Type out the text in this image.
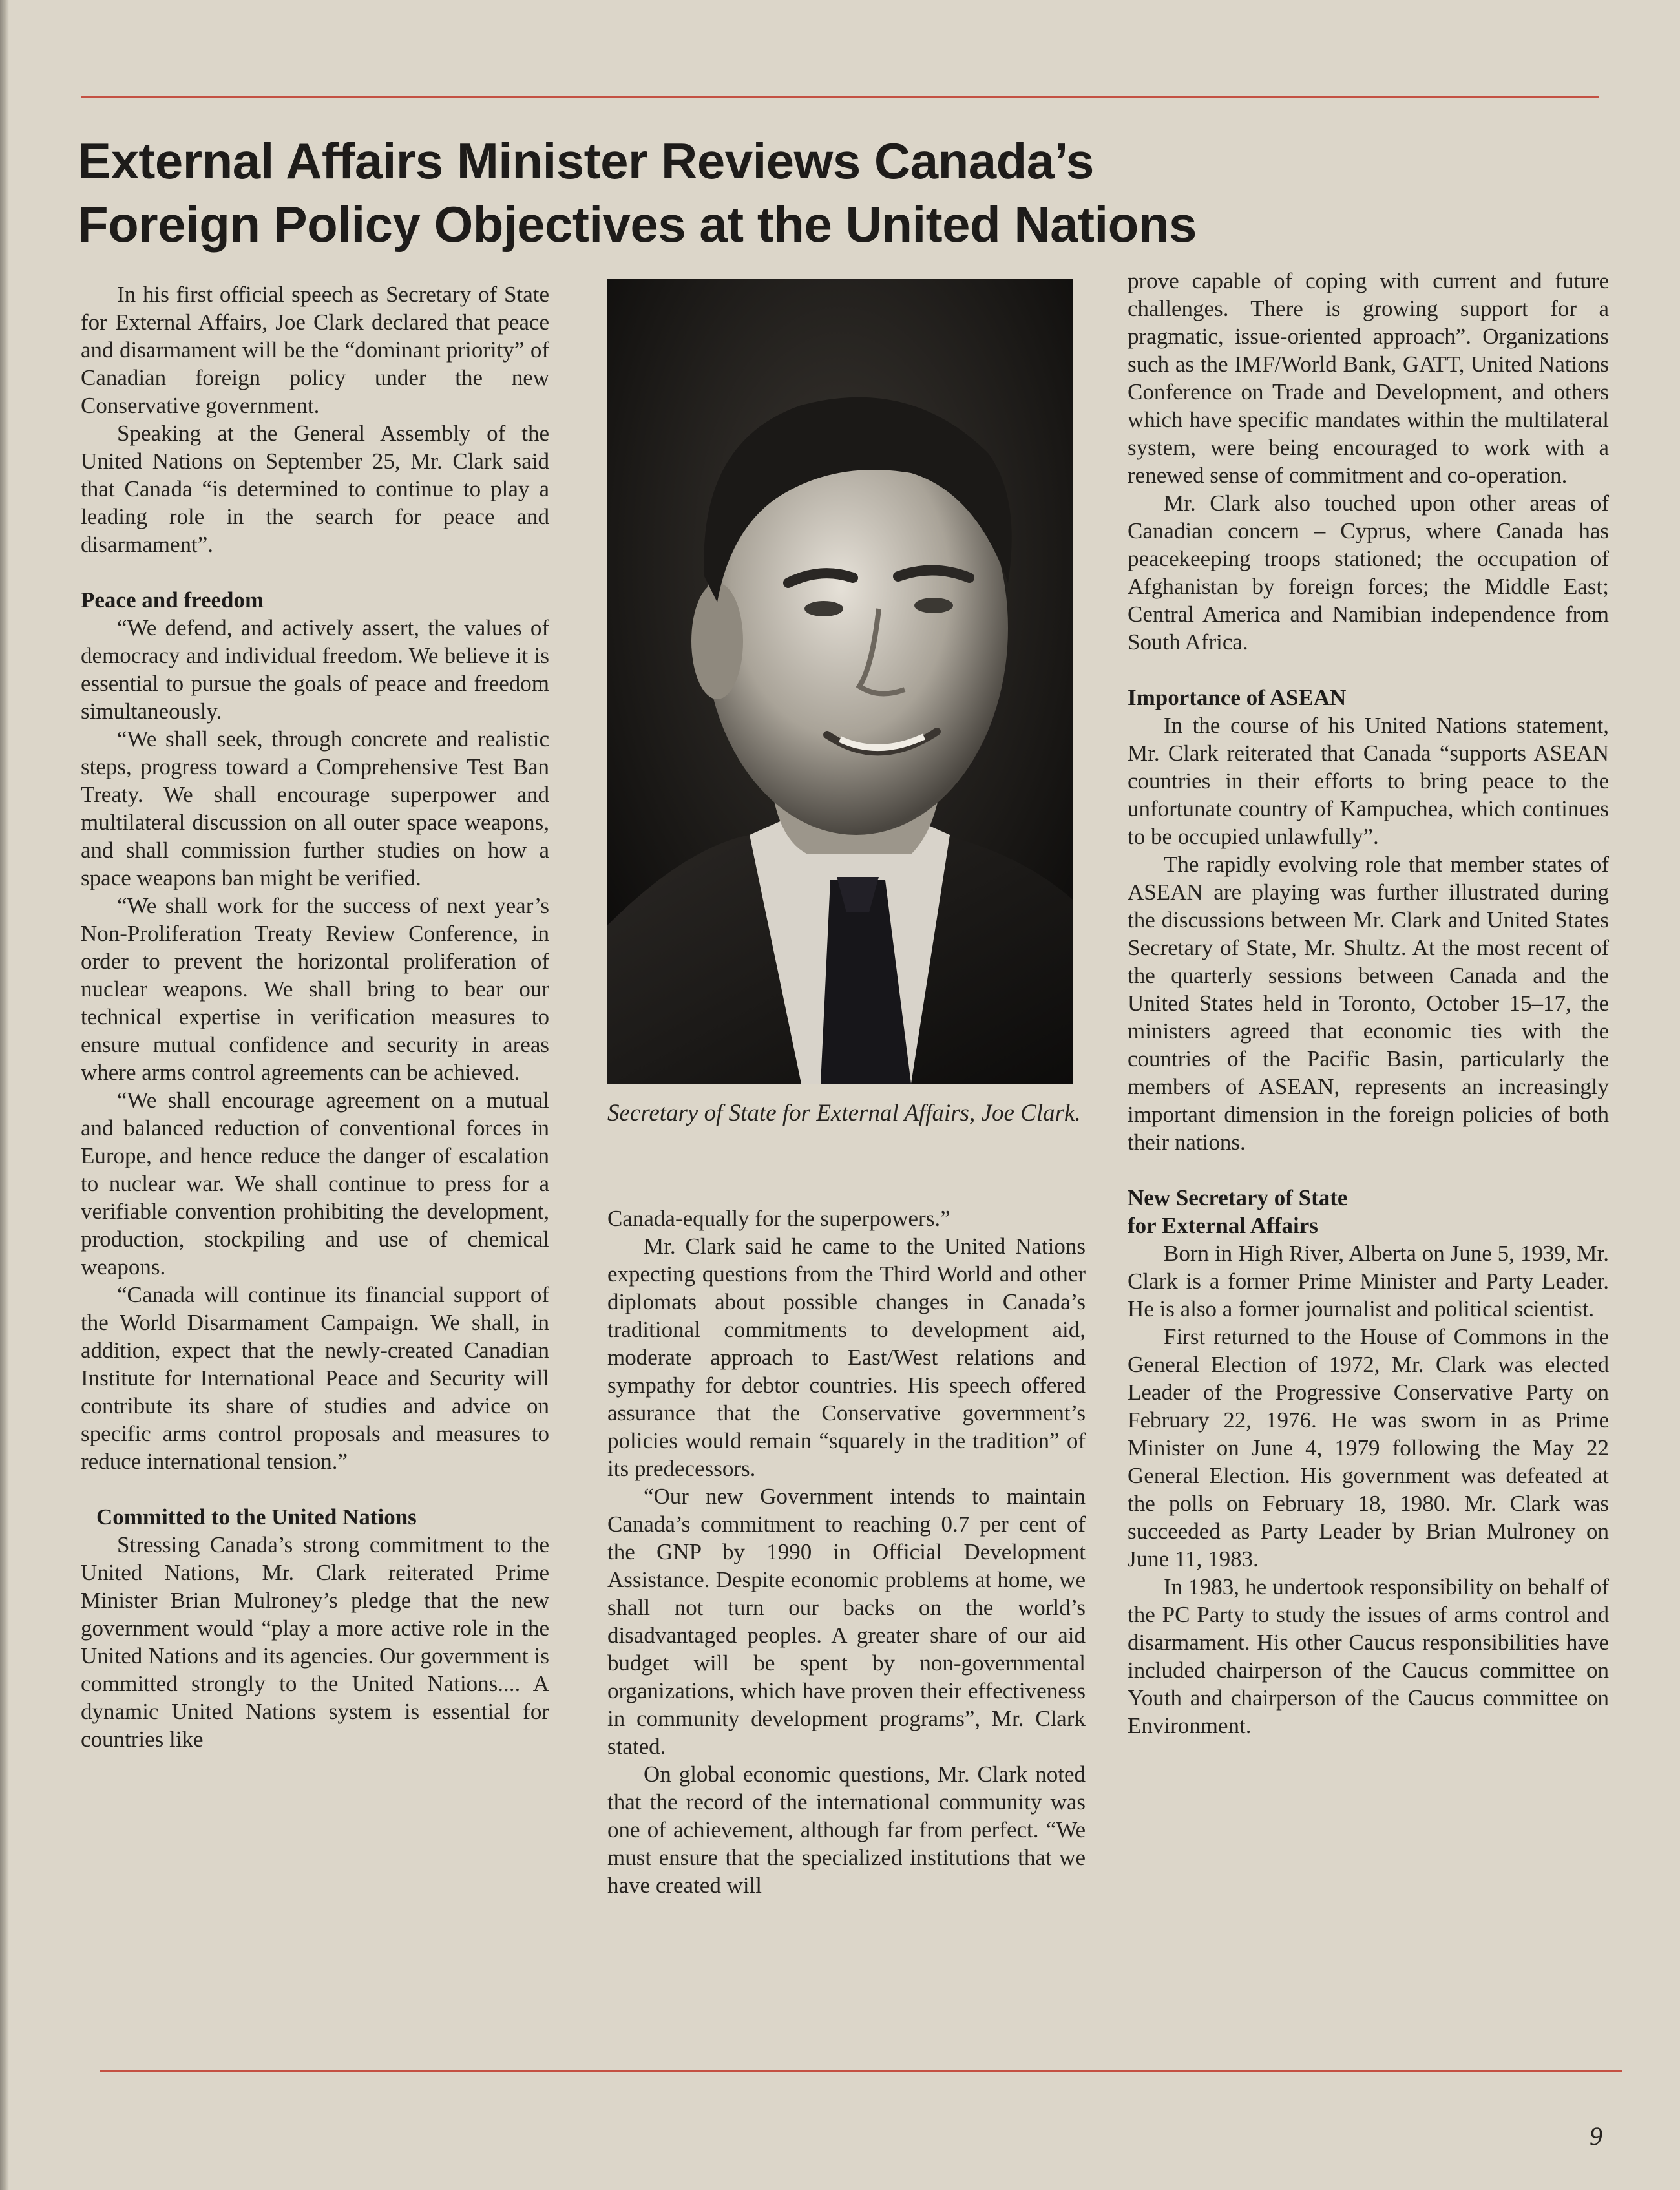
External Affairs Minister Reviews Canada’s
Foreign Policy Objectives at the United Nations

In his first official speech as Secretary of State for External Affairs, Joe Clark declared that peace and disarmament will be the “dominant priority” of Canadian foreign policy under the new Conservative government.

Speaking at the General Assembly of the United Nations on September 25, Mr. Clark said that Canada “is determined to continue to play a leading role in the search for peace and disarmament”.

Peace and freedom

“We defend, and actively assert, the values of democracy and individual freedom. We believe it is essential to pursue the goals of peace and freedom simultaneously.

“We shall seek, through concrete and realistic steps, progress toward a Comprehensive Test Ban Treaty. We shall encourage superpower and multilateral discussion on all outer space weapons, and shall commission further studies on how a space weapons ban might be verified.

“We shall work for the success of next year’s Non-Proliferation Treaty Review Conference, in order to prevent the horizontal proliferation of nuclear weapons. We shall bring to bear our technical expertise in verification measures to ensure mutual confidence and security in areas where arms control agreements can be achieved.

“We shall encourage agreement on a mutual and balanced reduction of conventional forces in Europe, and hence reduce the danger of escalation to nuclear war. We shall continue to press for a verifiable convention prohibiting the development, production, stockpiling and use of chemical weapons.

“Canada will continue its financial support of the World Disarmament Campaign. We shall, in addition, expect that the newly-created Canadian Institute for International Peace and Security will contribute its share of studies and advice on specific arms control proposals and measures to reduce international tension.”

Committed to the United Nations

Stressing Canada’s strong commitment to the United Nations, Mr. Clark reiterated Prime Minister Brian Mulroney’s pledge that the new government would “play a more active role in the United Nations and its agencies. Our government is committed strongly to the United Nations.... A dynamic United Nations system is essential for countries like

Secretary of State for External Affairs, Joe Clark.

Canada-equally for the superpowers.”

Mr. Clark said he came to the United Nations expecting questions from the Third World and other diplomats about possible changes in Canada’s traditional commitments to development aid, moderate approach to East/West relations and sympathy for debtor countries. His speech offered assurance that the Conservative government’s policies would remain “squarely in the tradition” of its predecessors.

“Our new Government intends to maintain Canada’s commitment to reaching 0.7 per cent of the GNP by 1990 in Official Development Assistance. Despite economic problems at home, we shall not turn our backs on the world’s disadvantaged peoples. A greater share of our aid budget will be spent by non-governmental organizations, which have proven their effectiveness in community development programs”, Mr. Clark stated.

On global economic questions, Mr. Clark noted that the record of the international community was one of achievement, although far from perfect. “We must ensure that the specialized institutions that we have created will

prove capable of coping with current and future challenges. There is growing support for a pragmatic, issue-oriented approach”. Organizations such as the IMF/World Bank, GATT, United Nations Conference on Trade and Development, and others which have specific mandates within the multilateral system, were being encouraged to work with a renewed sense of commitment and co-operation.

Mr. Clark also touched upon other areas of Canadian concern – Cyprus, where Canada has peacekeeping troops stationed; the occupation of Afghanistan by foreign forces; the Middle East; Central America and Namibian independence from South Africa.

Importance of ASEAN

In the course of his United Nations statement, Mr. Clark reiterated that Canada “supports ASEAN countries in their efforts to bring peace to the unfortunate country of Kampuchea, which continues to be occupied unlawfully”.

The rapidly evolving role that member states of ASEAN are playing was further illustrated during the discussions between Mr. Clark and United States Secretary of State, Mr. Shultz. At the most recent of the quarterly sessions between Canada and the United States held in Toronto, October 15–17, the ministers agreed that economic ties with the countries of the Pacific Basin, particularly the members of ASEAN, represents an increasingly important dimension in the foreign policies of both their nations.

New Secretary of State
for External Affairs

Born in High River, Alberta on June 5, 1939, Mr. Clark is a former Prime Minister and Party Leader. He is also a former journalist and political scientist.

First returned to the House of Commons in the General Election of 1972, Mr. Clark was elected Leader of the Progressive Conservative Party on February 22, 1976. He was sworn in as Prime Minister on June 4, 1979 following the May 22 General Election. His government was defeated at the polls on February 18, 1980. Mr. Clark was succeeded as Party Leader by Brian Mulroney on June 11, 1983.

In 1983, he undertook responsibility on behalf of the PC Party to study the issues of arms control and disarmament. His other Caucus responsibilities have included chairperson of the Caucus committee on Youth and chairperson of the Caucus committee on Environment.

9
